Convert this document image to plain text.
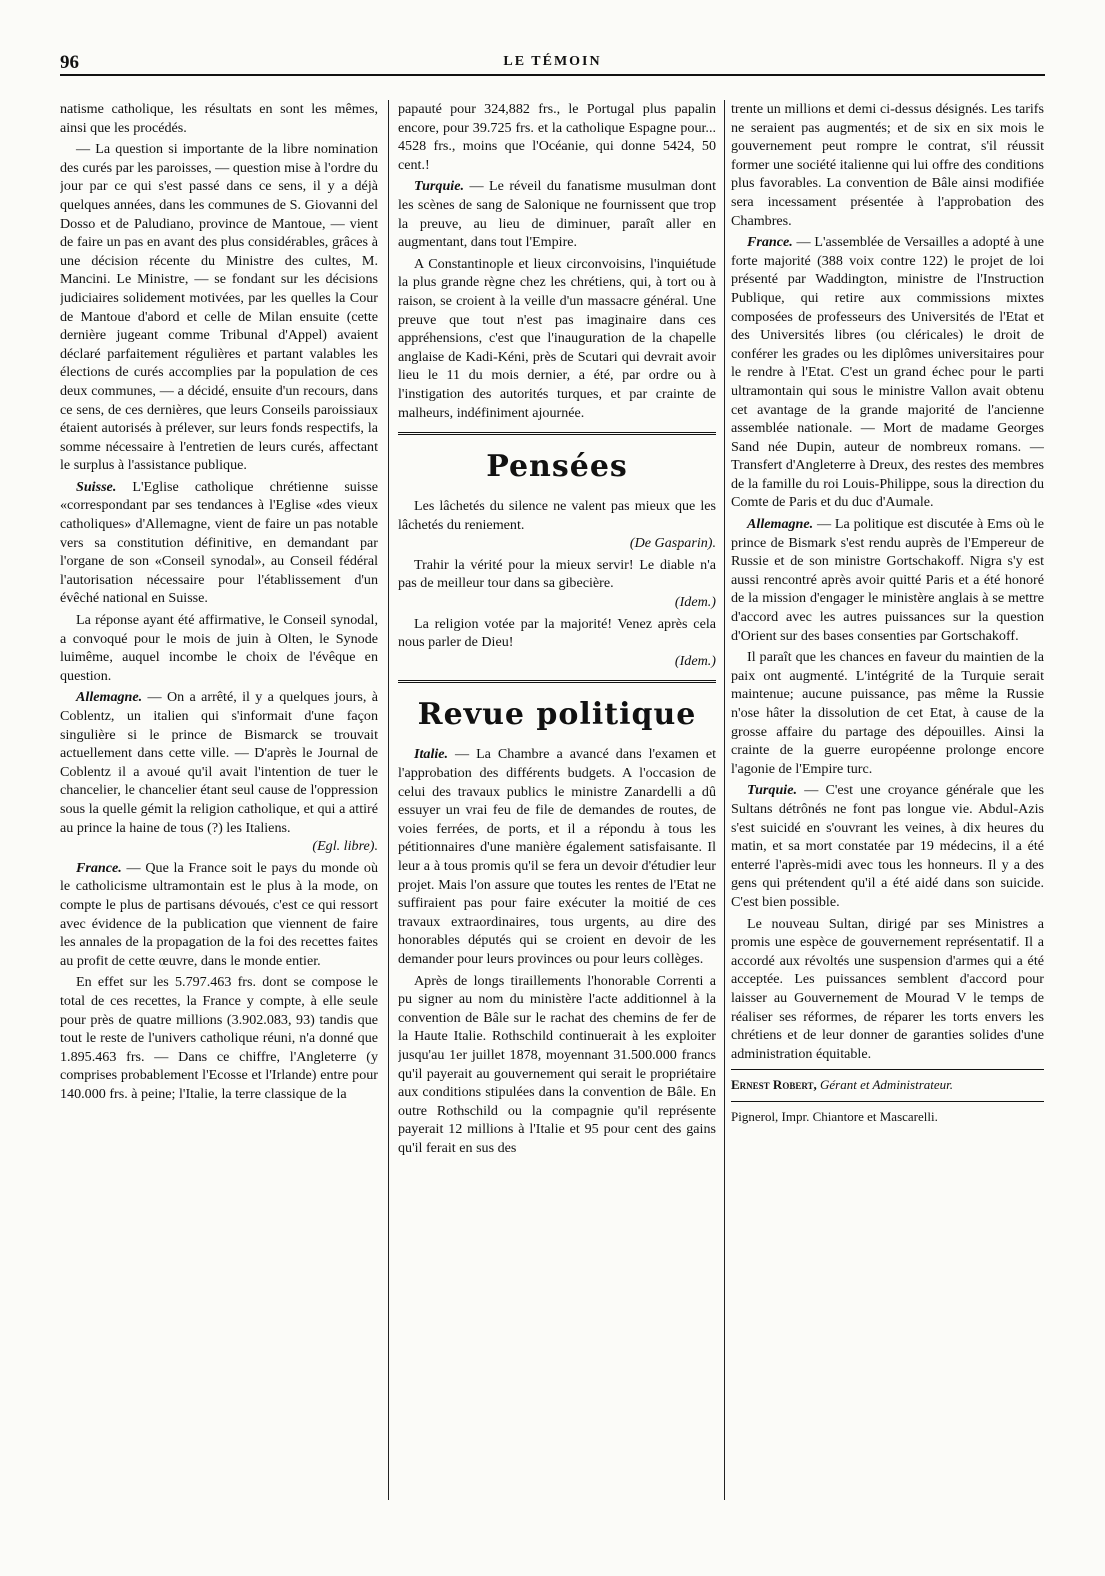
96	LE TÉMOIN

natisme catholique, les résultats en sont les mêmes, ainsi que les procédés.

— La question si importante de la libre nomination des curés par les paroisses, — question mise à l'ordre du jour par ce qui s'est passé dans ce sens, il y a déjà quelques années, dans les communes de S. Giovanni del Dosso et de Paludiano, province de Mantoue, — vient de faire un pas en avant des plus considérables, grâces à une décision récente du Ministre des cultes, M. Mancini. Le Ministre, — se fondant sur les décisions judiciaires solidement motivées, par les quelles la Cour de Mantoue d'abord et celle de Milan ensuite (cette dernière jugeant comme Tribunal d'Appel) avaient déclaré parfaitement régulières et partant valables les élections de curés accomplies par la population de ces deux communes, — a décidé, ensuite d'un recours, dans ce sens, de ces dernières, que leurs Conseils paroissiaux étaient autorisés à prélever, sur leurs fonds respectifs, la somme nécessaire à l'entretien de leurs curés, affectant le surplus à l'assistance publique.

Suisse. L'Eglise catholique chrétienne suisse «correspondant par ses tendances à l'Eglise «des vieux catholiques» d'Allemagne, vient de faire un pas notable vers sa constitution définitive, en demandant par l'organe de son «Conseil synodal», au Conseil fédéral l'autorisation nécessaire pour l'établissement d'un évêché national en Suisse.

La réponse ayant été affirmative, le Conseil synodal, a convoqué pour le mois de juin à Olten, le Synode luimême, auquel incombe le choix de l'évêque en question.

Allemagne. — On a arrêté, il y a quelques jours, à Coblentz, un italien qui s'informait d'une façon singulière si le prince de Bismarck se trouvait actuellement dans cette ville. — D'après le Journal de Coblentz il a avoué qu'il avait l'intention de tuer le chancelier, le chancelier étant seul cause de l'oppression sous la quelle gémit la religion catholique, et qui a attiré au prince la haine de tous (?) les Italiens.
(Egl. libre).

France. — Que la France soit le pays du monde où le catholicisme ultramontain est le plus à la mode, on compte le plus de partisans dévoués, c'est ce qui ressort avec évidence de la publication que viennent de faire les annales de la propagation de la foi des recettes faites au profit de cette œuvre, dans le monde entier.

En effet sur les 5.797.463 frs. dont se compose le total de ces recettes, la France y compte, à elle seule pour près de quatre millions (3.902.083, 93) tandis que tout le reste de l'univers catholique réuni, n'a donné que 1.895.463 frs. — Dans ce chiffre, l'Angleterre (y comprises probablement l'Ecosse et l'Irlande) entre pour 140.000 frs. à peine; l'Italie, la terre classique de la

papauté pour 324,882 frs., le Portugal plus papalin encore, pour 39.725 frs. et la catholique Espagne pour... 4528 frs., moins que l'Océanie, qui donne 5424, 50 cent.!

Turquie. — Le réveil du fanatisme musulman dont les scènes de sang de Salonique ne fournissent que trop la preuve, au lieu de diminuer, paraît aller en augmentant, dans tout l'Empire.

A Constantinople et lieux circonvoisins, l'inquiétude la plus grande règne chez les chrétiens, qui, à tort ou à raison, se croient à la veille d'un massacre général. Une preuve que tout n'est pas imaginaire dans ces appréhensions, c'est que l'inauguration de la chapelle anglaise de Kadi-Kéni, près de Scutari qui devrait avoir lieu le 11 du mois dernier, a été, par ordre ou à l'instigation des autorités turques, et par crainte de malheurs, indéfiniment ajournée.

Pensées

Les lâchetés du silence ne valent pas mieux que les lâchetés du reniement.
(De Gasparin).

Trahir la vérité pour la mieux servir! Le diable n'a pas de meilleur tour dans sa gibecière.
(Idem.)

La religion votée par la majorité! Venez après cela nous parler de Dieu!
(Idem.)

Revue politique

Italie. — La Chambre a avancé dans l'examen et l'approbation des différents budgets. A l'occasion de celui des travaux publics le ministre Zanardelli a dû essuyer un vrai feu de file de demandes de routes, de voies ferrées, de ports, et il a répondu à tous les pétitionnaires d'une manière également satisfaisante. Il leur a à tous promis qu'il se fera un devoir d'étudier leur projet. Mais l'on assure que toutes les rentes de l'Etat ne suffiraient pas pour faire exécuter la moitié de ces travaux extraordinaires, tous urgents, au dire des honorables députés qui se croient en devoir de les demander pour leurs provinces ou pour leurs collèges.

Après de longs tiraillements l'honorable Correnti a pu signer au nom du ministère l'acte additionnel à la convention de Bâle sur le rachat des chemins de fer de la Haute Italie. Rothschild continuerait à les exploiter jusqu'au 1er juillet 1878, moyennant 31.500.000 francs qu'il payerait au gouvernement qui serait le propriétaire aux conditions stipulées dans la convention de Bâle. En outre Rothschild ou la compagnie qu'il représente payerait 12 millions à l'Italie et 95 pour cent des gains qu'il ferait en sus des

trente un millions et demi ci-dessus désignés. Les tarifs ne seraient pas augmentés; et de six en six mois le gouvernement peut rompre le contrat, s'il réussit former une société italienne qui lui offre des conditions plus favorables. La convention de Bâle ainsi modifiée sera incessament présentée à l'approbation des Chambres.

France. — L'assemblée de Versailles a adopté à une forte majorité (388 voix contre 122) le projet de loi présenté par Waddington, ministre de l'Instruction Publique, qui retire aux commissions mixtes composées de professeurs des Universités de l'Etat et des Universités libres (ou cléricales) le droit de conférer les grades ou les diplômes universitaires pour le rendre à l'Etat. C'est un grand échec pour le parti ultramontain qui sous le ministre Vallon avait obtenu cet avantage de la grande majorité de l'ancienne assemblée nationale. — Mort de madame Georges Sand née Dupin, auteur de nombreux romans. — Transfert d'Angleterre à Dreux, des restes des membres de la famille du roi Louis-Philippe, sous la direction du Comte de Paris et du duc d'Aumale.

Allemagne. — La politique est discutée à Ems où le prince de Bismark s'est rendu auprès de l'Empereur de Russie et de son ministre Gortschakoff. Nigra s'y est aussi rencontré après avoir quitté Paris et a été honoré de la mission d'engager le ministère anglais à se mettre d'accord avec les autres puissances sur la question d'Orient sur des bases consenties par Gortschakoff.

Il paraît que les chances en faveur du maintien de la paix ont augmenté. L'intégrité de la Turquie serait maintenue; aucune puissance, pas même la Russie n'ose hâter la dissolution de cet Etat, à cause de la grosse affaire du partage des dépouilles. Ainsi la crainte de la guerre européenne prolonge encore l'agonie de l'Empire turc.

Turquie. — C'est une croyance générale que les Sultans détrônés ne font pas longue vie. Abdul-Azis s'est suicidé en s'ouvrant les veines, à dix heures du matin, et sa mort constatée par 19 médecins, il a été enterré l'après-midi avec tous les honneurs. Il y a des gens qui prétendent qu'il a été aidé dans son suicide. C'est bien possible.

Le nouveau Sultan, dirigé par ses Ministres a promis une espèce de gouvernement représentatif. Il a accordé aux révoltés une suspension d'armes qui a été acceptée. Les puissances semblent d'accord pour laisser au Gouvernement de Mourad V le temps de réaliser ses réformes, de réparer les torts envers les chrétiens et de leur donner de garanties solides d'une administration équitable.

Ernest Robert, Gérant et Administrateur.

Pignerol, Impr. Chiantore et Mascarelli.
